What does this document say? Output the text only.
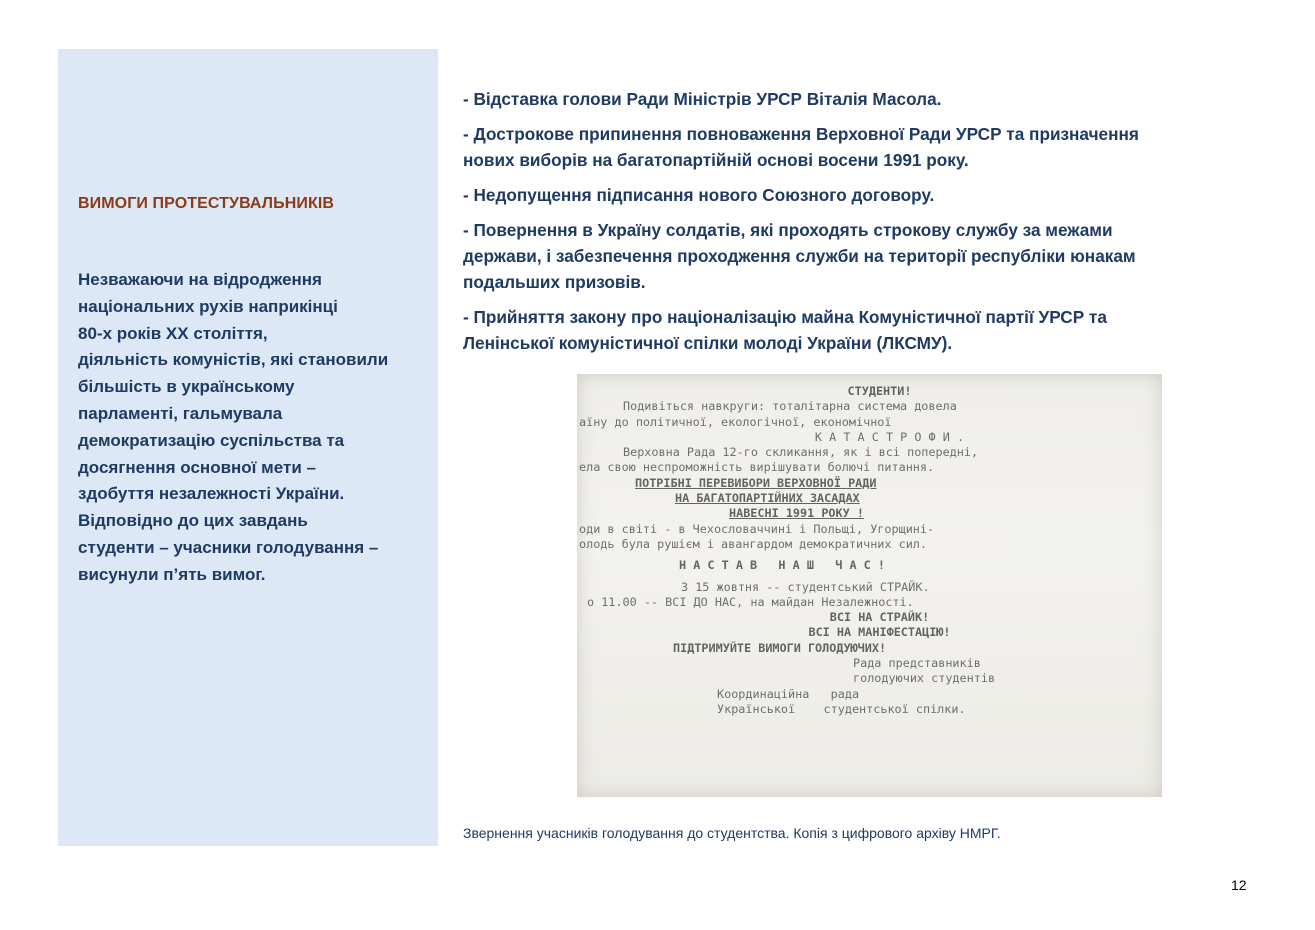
ВИМОГИ ПРОТЕСТУВАЛЬНИКІВ
Незважаючи на відродження
національних рухів наприкінці
80-х років ХХ століття,
діяльність комуністів, які становили
більшість в українському
парламенті, гальмувала
демократизацію суспільства та
досягнення основної мети –
здобуття незалежності України.
Відповідно до цих завдань
студенти – учасники голодування –
висунули п’ять вимог.
- Відставка голови Ради Міністрів УРСР Віталія Масола.
- Дострокове припинення повноваження Верховної Ради УРСР та призначення
нових виборів на багатопартійній основі восени 1991 року.
- Недопущення підписання нового Союзного договору.
- Повернення в Україну солдатів, які проходять строкову службу за межами
держави, і забезпечення проходження служби на території республіки юнакам
подальших призовів.
- Прийняття закону про націоналізацію майна Комуністичної партії УРСР та
Ленінської комуністичної спілки молоді України (ЛКСМУ).
СТУДЕНТИ!
Подивіться навкруги: тоталітарна система довела
аїну до політичної, екологічної, економічної
К А Т А С Т Р О Ф И .
Верховна Рада 12-го скликання, як і всі попередні,
ела свою неспроможність вирішувати болючі питання.
ПОТРІБНІ ПЕРЕВИБОРИ ВЕРХОВНОЇ РАДИ
НА БАГАТОПАРТІЙНИХ ЗАСАДАХ
НАВЕСНІ 1991 РОКУ !
оди в світі - в Чехословаччині і Польщі, Угорщині-
олодь була рушієм і авангардом демократичних сил.
Н А С Т А В   Н А Ш   Ч А С !
З 15 жовтня -- студентський СТРАЙК.
о 11.00 -- ВСІ ДО НАС, на майдан Незалежності.
ВСІ НА СТРАЙК!
ВСІ НА МАНІФЕСТАЦІЮ!
ПІДТРИМУЙТЕ ВИМОГИ ГОЛОДУЮЧИХ!
Рада представників
голодуючих студентів
Координаційна   рада
Української    студентської спілки.
Звернення учасників голодування до студентства. Копія з цифрового архіву НМРГ.
12
